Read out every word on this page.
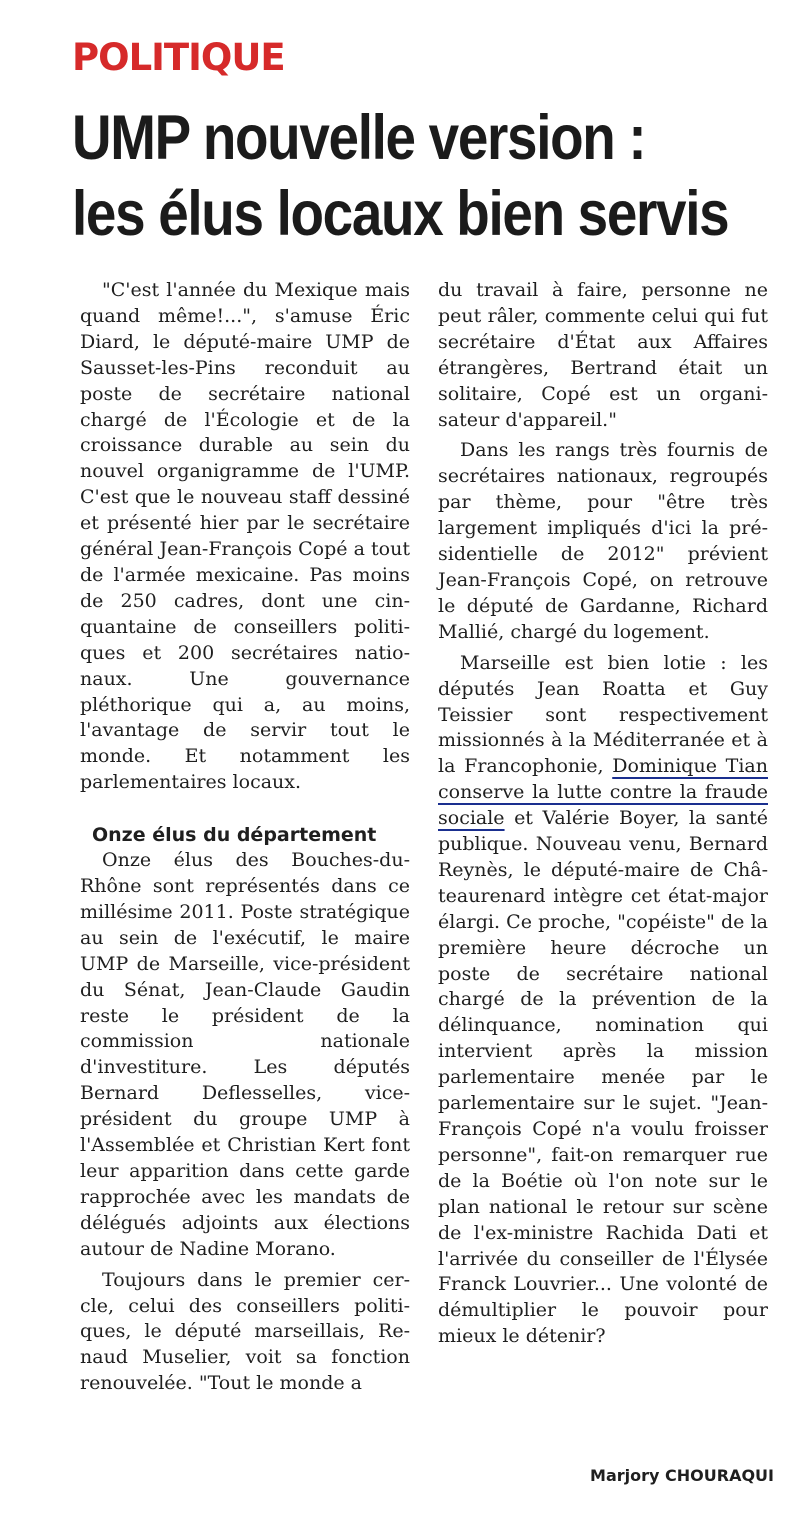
POLITIQUE
UMP nouvelle version :
les élus locaux bien servis

"C'est l'année du Mexique mais quand même!...", s'amuse Éric Diard, le député-maire UMP de Sausset-les-Pins reconduit au poste de secrétaire national chargé de l'Écologie et de la croissance durable au sein du nouvel organigramme de l'UMP. C'est que le nouveau staff dessiné et présenté hier par le secrétaire général Jean-François Copé a tout de l'armée mexicaine. Pas moins de 250 cadres, dont une cinquantaine de conseillers politiques et 200 secrétaires nationaux. Une gouvernance pléthorique qui a, au moins, l'avantage de servir tout le monde. Et notamment les parlementaires locaux.

Onze élus du département

Onze élus des Bouches-du-Rhône sont représentés dans ce millésime 2011. Poste stratégique au sein de l'exécutif, le maire UMP de Marseille, vice-président du Sénat, Jean-Claude Gaudin reste le président de la commission nationale d'investiture. Les députés Bernard Deflesselles, vice-président du groupe UMP à l'Assemblée et Christian Kert font leur apparition dans cette garde rapprochée avec les mandats de délégués adjoints aux élections autour de Nadine Morano.

Toujours dans le premier cercle, celui des conseillers politiques, le député marseillais, Renaud Muselier, voit sa fonction renouvelée. "Tout le monde a

du travail à faire, personne ne peut râler, commente celui qui fut secrétaire d'État aux Affaires étrangères, Bertrand était un solitaire, Copé est un organisateur d'appareil."

Dans les rangs très fournis de secrétaires nationaux, regroupés par thème, pour "être très largement impliqués d'ici la présidentielle de 2012" prévient Jean-François Copé, on retrouve le député de Gardanne, Richard Mallié, chargé du logement.

Marseille est bien lotie : les députés Jean Roatta et Guy Teissier sont respectivement missionnés à la Méditerranée et à la Francophonie, Dominique Tian conserve la lutte contre la fraude sociale et Valérie Boyer, la santé publique. Nouveau venu, Bernard Reynès, le député-maire de Châteaurenard intègre cet état-major élargi. Ce proche, "copéiste" de la première heure décroche un poste de secrétaire national chargé de la prévention de la délinquance, nomination qui intervient après la mission parlementaire menée par le parlementaire sur le sujet. "Jean-François Copé n'a voulu froisser personne", fait-on remarquer rue de la Boétie où l'on note sur le plan national le retour sur scène de l'ex-ministre Rachida Dati et l'arrivée du conseiller de l'Élysée Franck Louvrier... Une volonté de démultiplier le pouvoir pour mieux le détenir?

Marjory CHOURAQUI
